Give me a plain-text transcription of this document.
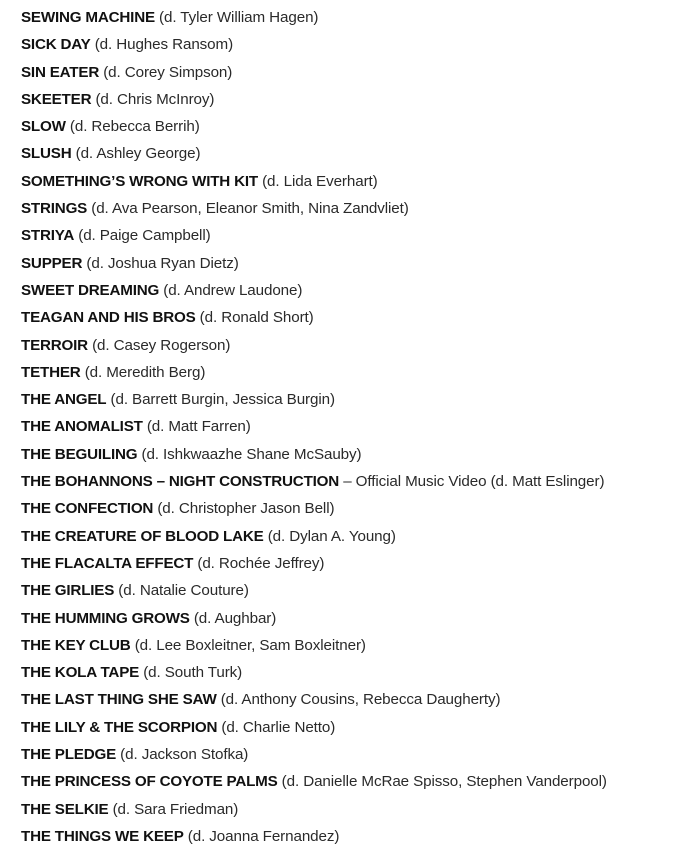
SEWING MACHINE (d. Tyler William Hagen)
SICK DAY (d. Hughes Ransom)
SIN EATER (d. Corey Simpson)
SKEETER (d. Chris McInroy)
SLOW (d. Rebecca Berrih)
SLUSH (d. Ashley George)
SOMETHING’S WRONG WITH KIT (d. Lida Everhart)
STRINGS (d. Ava Pearson, Eleanor Smith, Nina Zandvliet)
STRIYA (d. Paige Campbell)
SUPPER (d. Joshua Ryan Dietz)
SWEET DREAMING (d. Andrew Laudone)
TEAGAN AND HIS BROS (d. Ronald Short)
TERROIR (d. Casey Rogerson)
TETHER (d. Meredith Berg)
THE ANGEL (d. Barrett Burgin, Jessica Burgin)
THE ANOMALIST (d. Matt Farren)
THE BEGUILING (d. Ishkwaazhe Shane McSauby)
THE BOHANNONS – NIGHT CONSTRUCTION – Official Music Video (d. Matt Eslinger)
THE CONFECTION (d. Christopher Jason Bell)
THE CREATURE OF BLOOD LAKE (d. Dylan A. Young)
THE FLACALTA EFFECT (d. Rochée Jeffrey)
THE GIRLIES (d. Natalie Couture)
THE HUMMING GROWS (d. Aughbar)
THE KEY CLUB (d. Lee Boxleitner, Sam Boxleitner)
THE KOLA TAPE (d. South Turk)
THE LAST THING SHE SAW (d. Anthony Cousins, Rebecca Daugherty)
THE LILY & THE SCORPION (d. Charlie Netto)
THE PLEDGE (d. Jackson Stofka)
THE PRINCESS OF COYOTE PALMS (d. Danielle McRae Spisso, Stephen Vanderpool)
THE SELKIE (d. Sara Friedman)
THE THINGS WE KEEP (d. Joanna Fernandez)
